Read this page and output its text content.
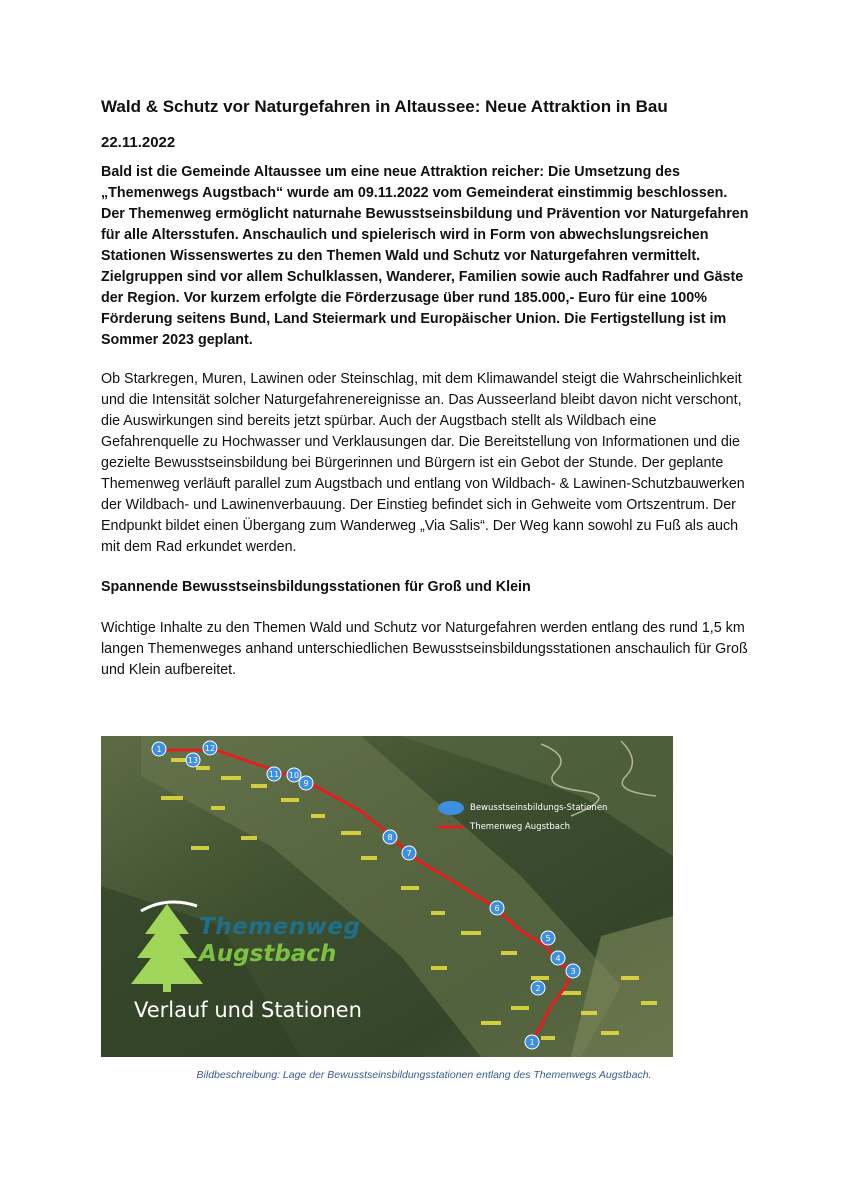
Wald & Schutz vor Naturgefahren in Altaussee: Neue Attraktion in Bau
22.11.2022

Bald ist die Gemeinde Altaussee um eine neue Attraktion reicher: Die Umsetzung des „Themenwegs Augstbach“ wurde am 09.11.2022 vom Gemeinderat einstimmig beschlossen. Der Themenweg ermöglicht naturnahe Bewusstseinsbildung und Prävention vor Naturgefahren für alle Altersstufen. Anschaulich und spielerisch wird in Form von abwechslungsreichen Stationen Wissenswertes zu den Themen Wald und Schutz vor Naturgefahren vermittelt. Zielgruppen sind vor allem Schulklassen, Wanderer, Familien sowie auch Radfahrer und Gäste der Region. Vor kurzem erfolgte die Förderzusage über rund 185.000,- Euro für eine 100% Förderung seitens Bund, Land Steiermark und Europäischer Union. Die Fertigstellung ist im Sommer 2023 geplant.

Ob Starkregen, Muren, Lawinen oder Steinschlag, mit dem Klimawandel steigt die Wahrscheinlichkeit und die Intensität solcher Naturgefahrenereignisse an. Das Ausseerland bleibt davon nicht verschont, die Auswirkungen sind bereits jetzt spürbar. Auch der Augstbach stellt als Wildbach eine Gefahrenquelle zu Hochwasser und Verklausungen dar. Die Bereitstellung von Informationen und die gezielte Bewusstseinsbildung bei Bürgerinnen und Bürgern ist ein Gebot der Stunde. Der geplante Themenweg verläuft parallel zum Augstbach und entlang von Wildbach- & Lawinen-Schutzbauwerken der Wildbach- und Lawinenverbauung. Der Einstieg befindet sich in Gehweite vom Ortszentrum. Der Endpunkt bildet einen Übergang zum Wanderweg „Via Salis“. Der Weg kann sowohl zu Fuß als auch mit dem Rad erkundet werden.

Spannende Bewusstseinsbildungsstationen für Groß und Klein

Wichtige Inhalte zu den Themen Wald und Schutz vor Naturgefahren werden entlang des rund 1,5 km langen Themenweges anhand unterschiedlichen Bewusstseinsbildungsstationen anschaulich für Groß und Klein aufbereitet.

1
2
3
4
5
6
7
8
9
10
11
12
13
1
Themenweg
Augstbach
Verlauf und Stationen
Bewusstseinsbildungs-Stationen
Themenweg Augstbach
Bildbeschreibung: Lage der Bewusstseinsbildungsstationen entlang des Themenwegs Augstbach.
